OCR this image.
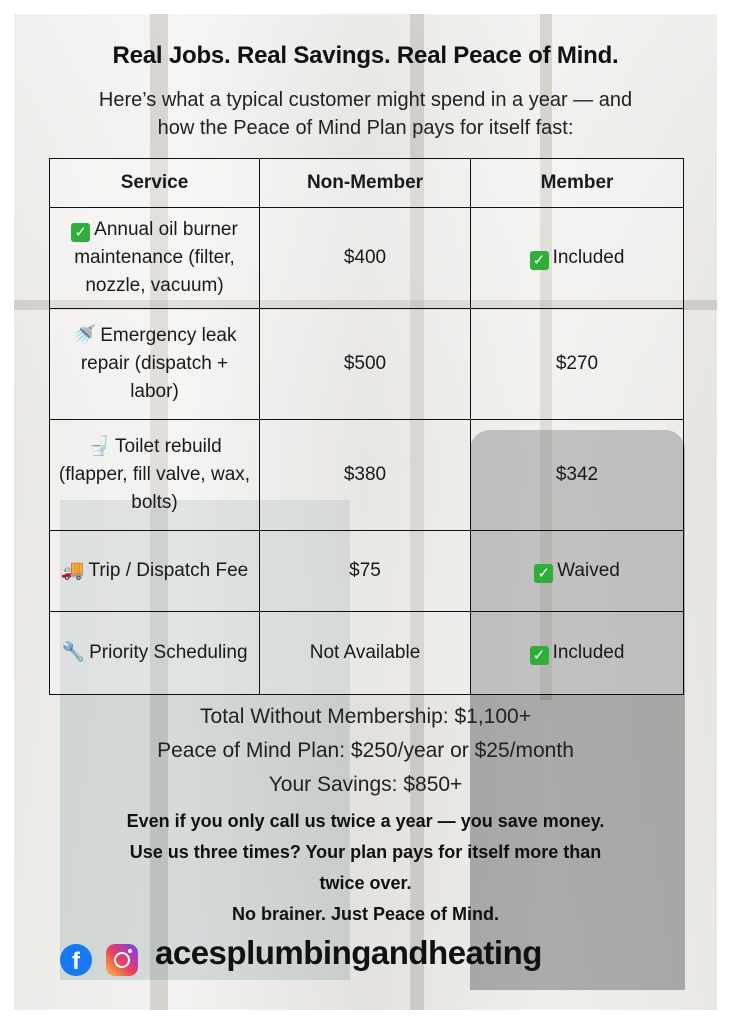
Real Jobs. Real Savings. Real Peace of Mind.
Here’s what a typical customer might spend in a year — and
how the Peace of Mind Plan pays for itself fast:
Service	Non-Member	Member
✓ Annual oil burner maintenance (filter, nozzle, vacuum)	$400	✓ Included
🚿 Emergency leak repair (dispatch + labor)	$500	$270
🚽 Toilet rebuild (flapper, fill valve, wax, bolts)	$380	$342
🚚 Trip / Dispatch Fee	$75	✓ Waived
🔧 Priority Scheduling	Not Available	✓ Included
Total Without Membership: $1,100+
Peace of Mind Plan: $250/year or $25/month
Your Savings: $850+
Even if you only call us twice a year — you save money.
Use us three times? Your plan pays for itself more than
twice over.
No brainer. Just Peace of Mind.
f	acesplumbingandheating
